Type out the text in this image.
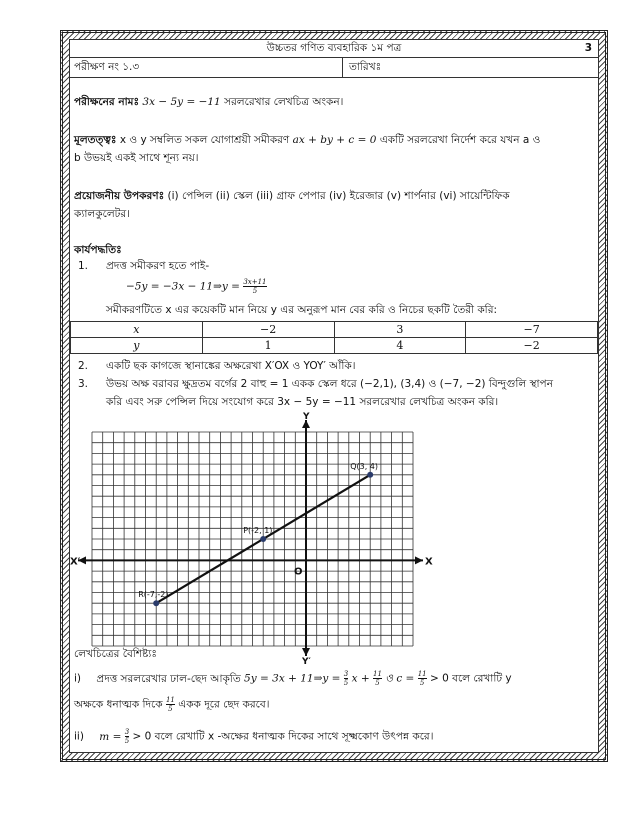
উচ্চতর গণিত ব্যবহারিক ১ম পত্র	3
পরীক্ষণ নং ১.৩	তারিখঃ
পরীক্ষনের নামঃ 3x − 5y = −11 সরলরেখার লেখচিত্র অংকন।
মূলতত্ত্বঃ x ও y সম্বলিত সকল যোগাশ্রয়ী সমীকরণ ax + by + c = 0 একটি সরলরেখা নির্দেশ করে যখন a ও
b উভয়ই একই সাথে শূন্য নয়।
প্রয়োজনীয় উপকরণঃ (i) পেন্সিল (ii) স্কেল (iii) গ্রাফ পেপার (iv) ইরেজার (v) শার্পনার (vi) সায়েন্টিফিক
ক্যালকুলেটর।
কার্যপদ্ধতিঃ
1. প্রদত্ত সমীকরণ হতে পাই-
−5y = −3x − 11⇒y = $\frac{3x+11}{5}$
সমীকরণটিতে x এর কয়েকটি মান নিয়ে y এর অনুরূপ মান বের করি ও নিচের ছকটি তৈরী করি:
x	−2	3	−7
y	1	4	−2
2. একটি ছক কাগজে স্থানাঙ্কের অক্ষরেখা X′OX ও YOY′ আঁকি।
3. উভয় অক্ষ বরাবর ক্ষুদ্রতম বর্গের 2 বাহু = 1 একক স্কেল ধরে (−2,1), (3,4) ও (−7, −2) বিন্দুগুলি স্থাপন
করি এবং সরু পেন্সিল দিয়ে সংযোগ করে 3x − 5y = −11 সরলরেখার লেখচিত্র অংকন করি।
X′	X
Y
Y′
O
Q(3, 4)
P(-2, 1)
R(-7,-2)
লেখচিত্রের বৈশিষ্ট্যঃ
i) প্রদত্ত সরলরেখার ঢাল-ছেদ আকৃতি 5y = 3x + 11⇒y = $\frac{3}{5}$ $x + \frac{11}{5}$ ও $c = \frac{11}{5} > 0$ বলে রেখাটি y
অক্ষকে ধনাত্মক দিকে $\frac{11}{5}$ একক দূরে ছেদ করবে।
ii) $m = \frac{3}{5} > 0$ বলে রেখাটি x -অক্ষের ধনাত্মক দিকের সাথে সূক্ষ্মকোণ উৎপন্ন করে।
